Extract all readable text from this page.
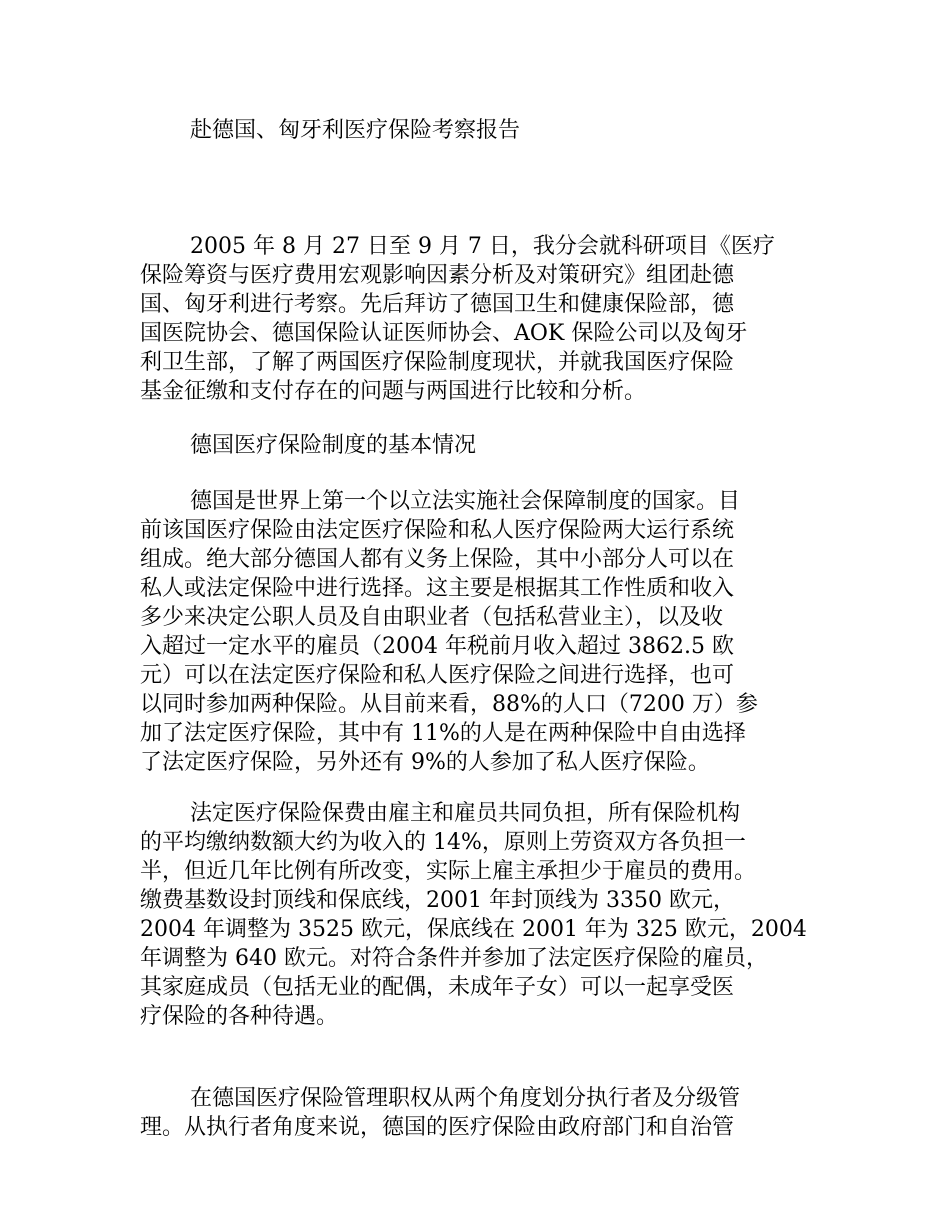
赴德国、匈牙利医疗保险考察报告
2005 年 8 月 27 日至 9 月 7 日，我分会就科研项目《医疗
保险筹资与医疗费用宏观影响因素分析及对策研究》组团赴德
国、匈牙利进行考察。先后拜访了德国卫生和健康保险部，德
国医院协会、德国保险认证医师协会、AOK 保险公司以及匈牙
利卫生部，了解了两国医疗保险制度现状，并就我国医疗保险
基金征缴和支付存在的问题与两国进行比较和分析。
德国医疗保险制度的基本情况
德国是世界上第一个以立法实施社会保障制度的国家。目
前该国医疗保险由法定医疗保险和私人医疗保险两大运行系统
组成。绝大部分德国人都有义务上保险，其中小部分人可以在
私人或法定保险中进行选择。这主要是根据其工作性质和收入
多少来决定公职人员及自由职业者（包括私营业主），以及收
入超过一定水平的雇员（2004 年税前月收入超过 3862.5 欧
元）可以在法定医疗保险和私人医疗保险之间进行选择，也可
以同时参加两种保险。从目前来看，88%的人口（7200 万）参
加了法定医疗保险，其中有 11%的人是在两种保险中自由选择
了法定医疗保险，另外还有 9%的人参加了私人医疗保险。
法定医疗保险保费由雇主和雇员共同负担，所有保险机构
的平均缴纳数额大约为收入的 14%，原则上劳资双方各负担一
半，但近几年比例有所改变，实际上雇主承担少于雇员的费用。
缴费基数设封顶线和保底线，2001 年封顶线为 3350 欧元，
2004 年调整为 3525 欧元，保底线在 2001 年为 325 欧元，2004
年调整为 640 欧元。对符合条件并参加了法定医疗保险的雇员，
其家庭成员（包括无业的配偶，未成年子女）可以一起享受医
疗保险的各种待遇。
在德国医疗保险管理职权从两个角度划分执行者及分级管
理。从执行者角度来说，德国的医疗保险由政府部门和自治管
